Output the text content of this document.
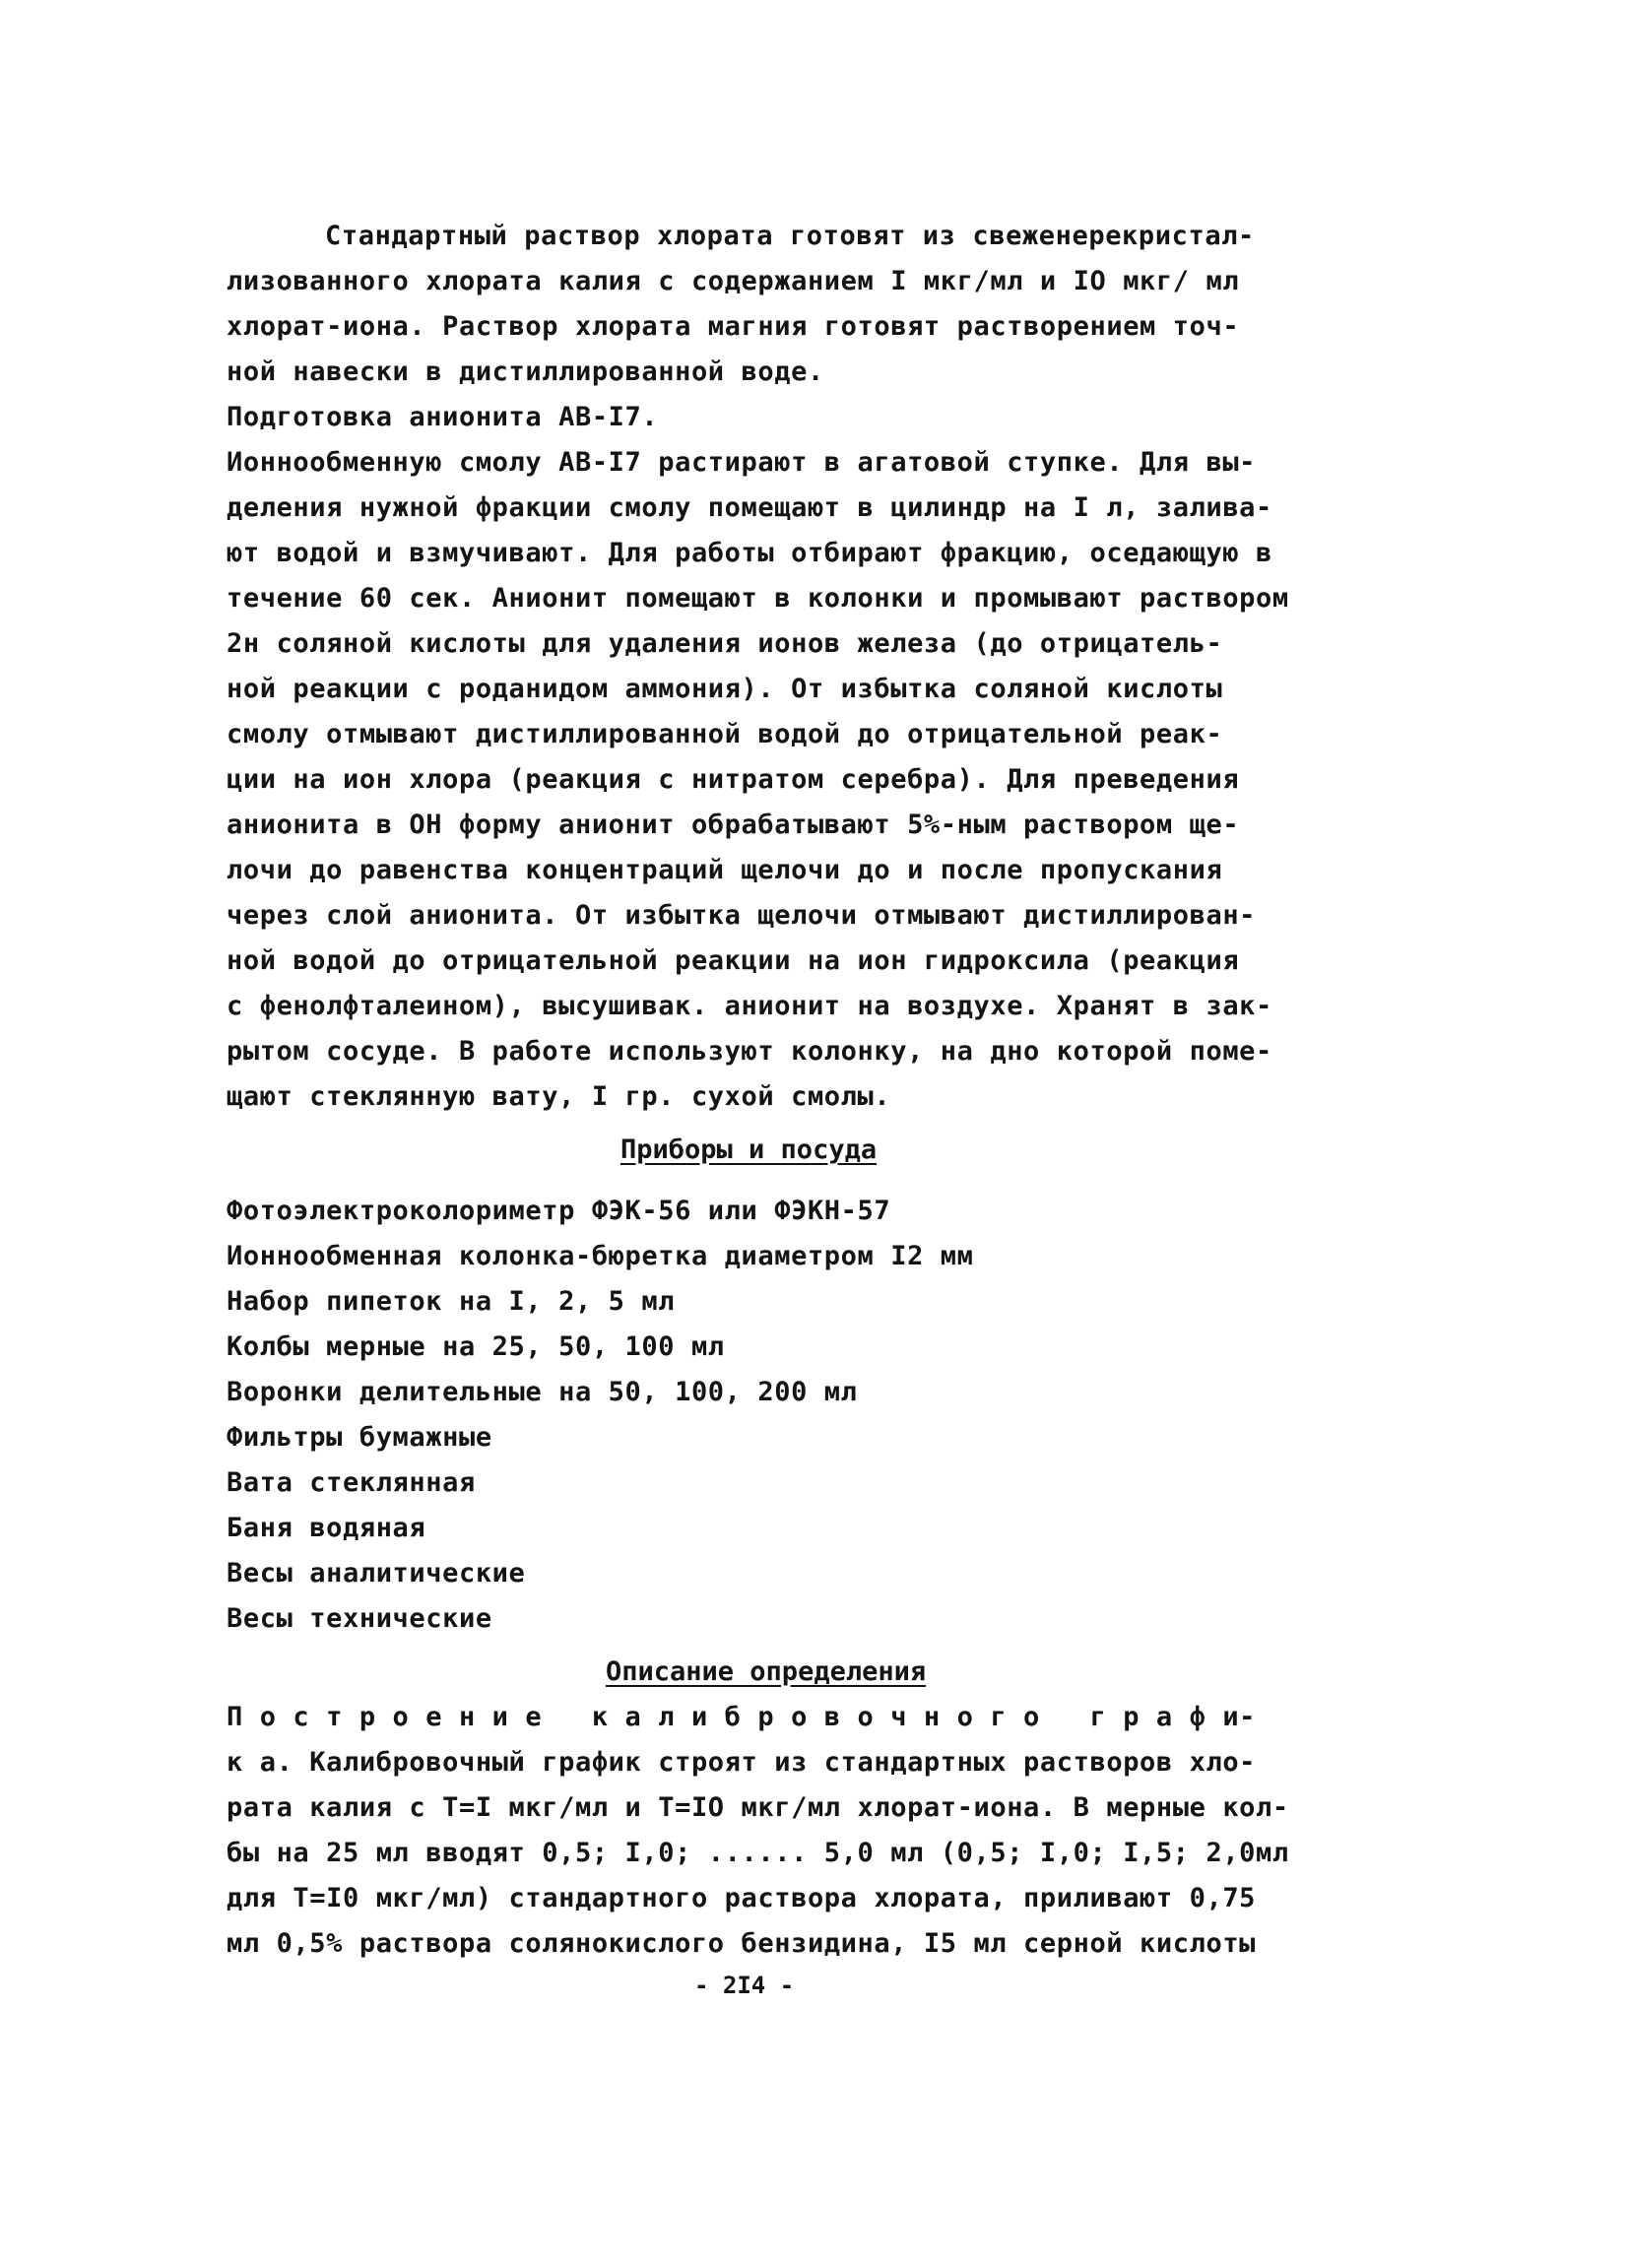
Стандартный раствор хлората готовят из свеженерекристал-
лизованного хлората калия с содержанием I мкг/мл и IO мкг/ мл
хлорат-иона. Раствор хлората магния готовят растворением точ-
ной навески в дистиллированной воде.
Подготовка анионита АВ-I7.
Ионнообменную смолу АВ-I7 растирают в агатовой ступке. Для вы-
деления нужной фракции смолу помещают в цилиндр на I л, залива-
ют водой и взмучивают. Для работы отбирают фракцию, оседающую в
течение 60 сек. Анионит помещают в колонки и промывают раствором
2н соляной кислоты для удаления ионов железа (до отрицатель-
ной реакции с роданидом аммония). От избытка соляной кислоты
смолу отмывают дистиллированной водой до отрицательной реак-
ции на ион хлора (реакция с нитратом серебра). Для преведения
анионита в ОН форму анионит обрабатывают 5%-ным раствором ще-
лочи до равенства концентраций щелочи до и после пропускания
через слой анионита. От избытка щелочи отмывают дистиллирован-
ной водой до отрицательной реакции на ион гидроксила (реакция
с фенолфталеином), высушивак. анионит на воздухе. Хранят в зак-
рытом сосуде. В работе используют колонку, на дно которой поме-
щают стеклянную вату, I гр. сухой смолы.
Приборы и посуда
Фотоэлектроколориметр ФЭК-56 или ФЭКН-57
Ионнообменная колонка-бюретка диаметром I2 мм
Набор пипеток на I, 2, 5 мл
Колбы мерные на 25, 50, 100 мл
Воронки делительные на 50, 100, 200 мл
Фильтры бумажные
Вата стеклянная
Баня водяная
Весы аналитические
Весы технические
Описание определения
П о с т р о е н и е   к а л и б р о в о ч н о г о   г р а ф и-
к а. Калибровочный график строят из стандартных растворов хло-
рата калия с Т=I мкг/мл и Т=IO мкг/мл хлорат-иона. В мерные кол-
бы на 25 мл вводят 0,5; I,0; ...... 5,0 мл (0,5; I,0; I,5; 2,0мл
для Т=I0 мкг/мл) стандартного раствора хлората, приливают 0,75
мл 0,5% раствора солянокислого бензидина, I5 мл серной кислоты
- 2I4 -
